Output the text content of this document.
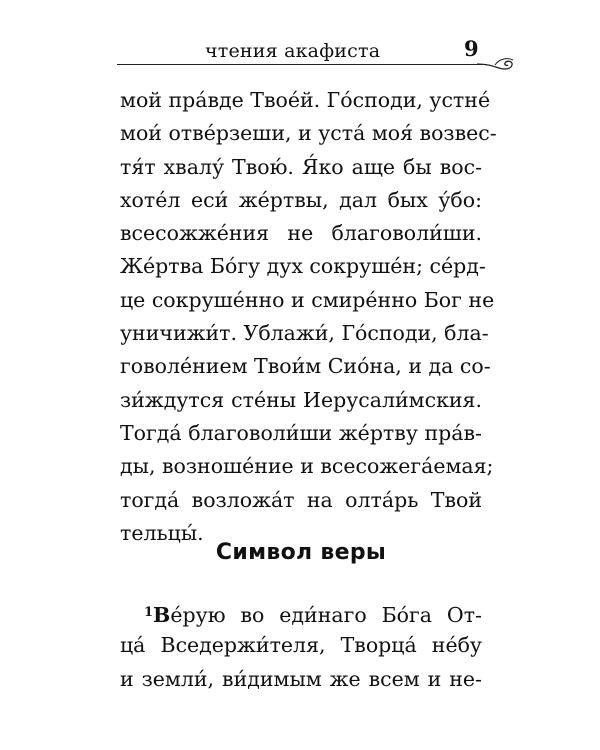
чтения акафиста	9
мой пра́вде Твое́й. Го́споди, устне́
мои́ отве́рзеши, и уста́ моя́ возвес-
тя́т хвалу́ Твою́. Я́ко аще бы вос-
хоте́л еси́ же́ртвы, дал бых у́бо:
всесожже́ния не благоволи́ши.
Же́ртва Бо́гу дух сокруше́н; се́рд-
це сокруше́нно и смире́нно Бог не
уничижи́т. Ублажи́, Го́споди, бла-
говоле́нием Твои́м Сио́на, и да со-
зи́ждутся сте́ны Иерусали́мския.
Тогда́ благоволи́ши же́ртву пра́в-
ды, возноше́ние и всесожега́емая;
тогда́ возложа́т на олта́рь Твой
тельцы́.
Символ веры
$^1$Ве́рую во еди́наго Бо́га От-
ца́ Вседержи́теля, Творца́ не́бу
и земли́, ви́димым же всем и не-
